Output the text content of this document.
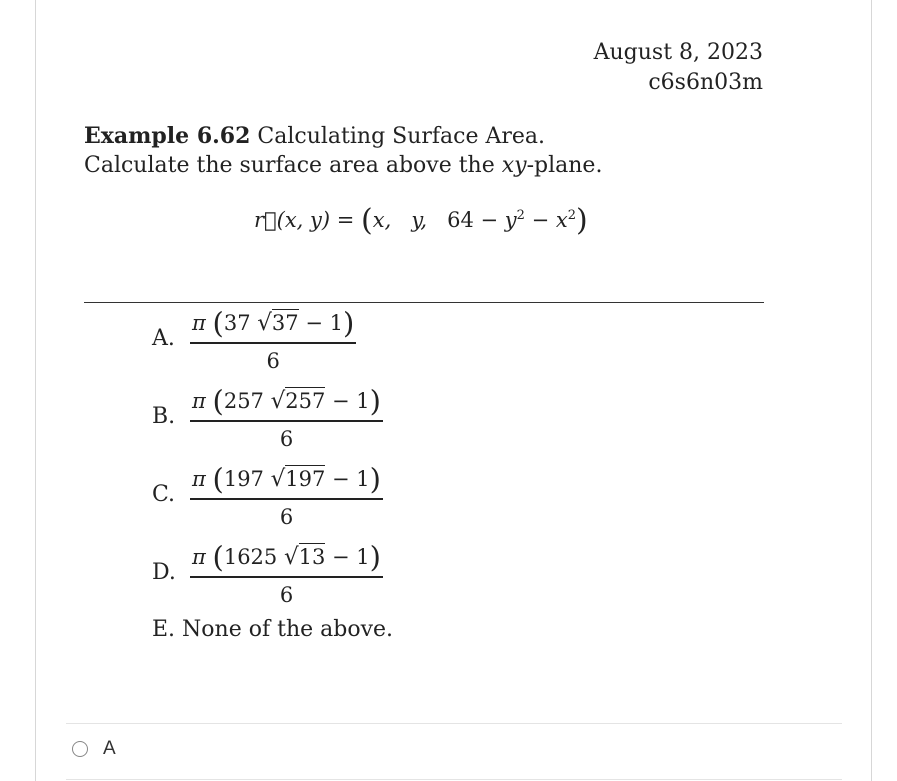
August 8, 2023
c6s6n03m
Example 6.62 Calculating Surface Area.
Calculate the surface area above the xy-plane.
r⃗(x, y) = (x, y, $64 - y^2 - x^2$)
A.
π (37 √37 − 1)
6
B.
π (257 √257 − 1)
6
C.
π (197 √197 − 1)
6
D.
π (1625 √13 − 1)
6
E. None of the above.
A
